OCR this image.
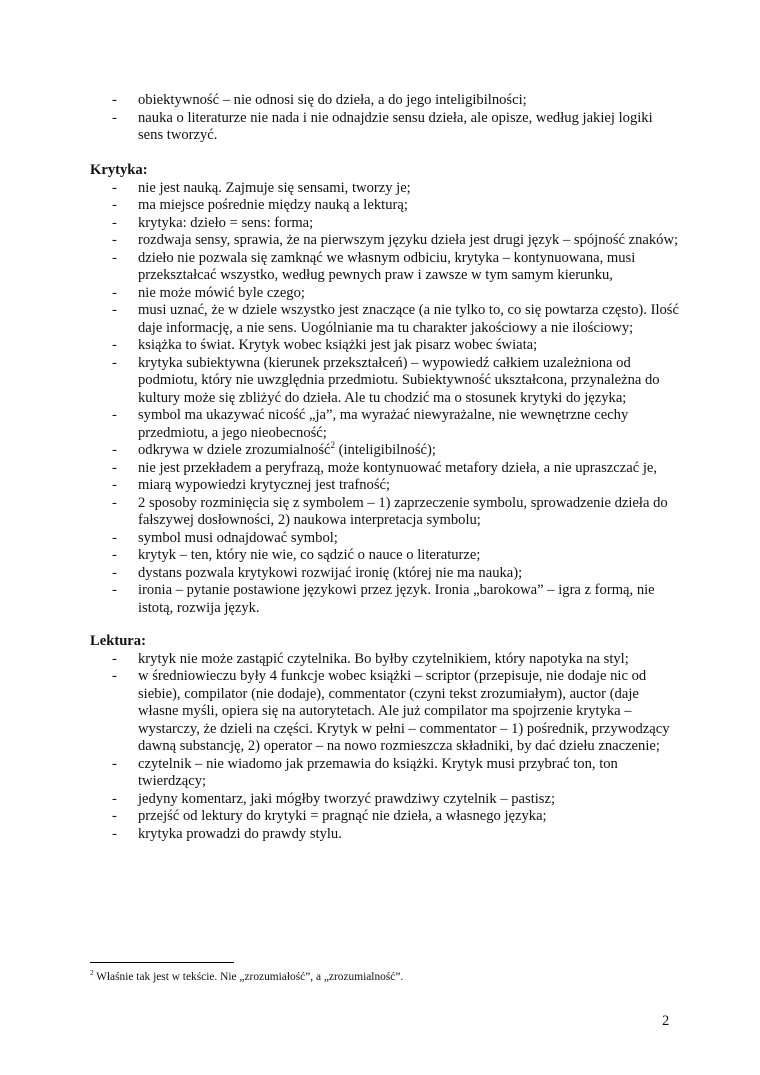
- obiektywność – nie odnosi się do dzieła, a do jego inteligibilności;
- nauka o literaturze nie nada i nie odnajdzie sensu dzieła, ale opisze, według jakiej logiki sens tworzyć.

Krytyka:

- nie jest nauką. Zajmuje się sensami, tworzy je;
- ma miejsce pośrednie między nauką a lekturą;
- krytyka: dzieło = sens: forma;
- rozdwaja sensy, sprawia, że na pierwszym języku dzieła jest drugi język – spójność znaków;
- dzieło nie pozwala się zamknąć we własnym odbiciu, krytyka – kontynuowana, musi przekształcać wszystko, według pewnych praw i zawsze w tym samym kierunku,
- nie może mówić byle czego;
- musi uznać, że w dziele wszystko jest znaczące (a nie tylko to, co się powtarza często). Ilość daje informację, a nie sens. Uogólnianie ma tu charakter jakościowy a nie ilościowy;
- książka to świat. Krytyk wobec książki jest jak pisarz wobec świata;
- krytyka subiektywna (kierunek przekształceń) – wypowiedź całkiem uzależniona od podmiotu, który nie uwzględnia przedmiotu. Subiektywność ukształcona, przynależna do kultury może się zbliżyć do dzieła. Ale tu chodzić ma o stosunek krytyki do języka;
- symbol ma ukazywać nicość „ja”, ma wyrażać niewyrażalne, nie wewnętrzne cechy przedmiotu, a jego nieobecność;
- odkrywa w dziele zrozumialność$^2$ (inteligibilność);
- nie jest przekładem a peryfrazą, może kontynuować metafory dzieła, a nie upraszczać je,
- miarą wypowiedzi krytycznej jest trafność;
- 2 sposoby rozminięcia się z symbolem – 1) zaprzeczenie symbolu, sprowadzenie dzieła do fałszywej dosłowności, 2) naukowa interpretacja symbolu;
- symbol musi odnajdować symbol;
- krytyk – ten, który nie wie, co sądzić o nauce o literaturze;
- dystans pozwala krytykowi rozwijać ironię (której nie ma nauka);
- ironia – pytanie postawione językowi przez język. Ironia „barokowa” – igra z formą, nie istotą, rozwija język.

Lektura:

- krytyk nie może zastąpić czytelnika. Bo byłby czytelnikiem, który napotyka na styl;
- w średniowieczu były 4 funkcje wobec książki – scriptor (przepisuje, nie dodaje nic od siebie), compilator (nie dodaje), commentator (czyni tekst zrozumiałym), auctor (daje własne myśli, opiera się na autorytetach. Ale już compilator ma spojrzenie krytyka – wystarczy, że dzieli na części. Krytyk w pełni – commentator – 1) pośrednik, przywodzący dawną substancję, 2) operator – na nowo rozmieszcza składniki, by dać dziełu znaczenie;
- czytelnik – nie wiadomo jak przemawia do książki. Krytyk musi przybrać ton, ton twierdzący;
- jedyny komentarz, jaki mógłby tworzyć prawdziwy czytelnik – pastisz;
- przejść od lektury do krytyki = pragnąć nie dzieła, a własnego języka;
- krytyka prowadzi do prawdy stylu.
$^2$ Właśnie tak jest w tekście. Nie „zrozumiałość”, a „zrozumialność”.
2
